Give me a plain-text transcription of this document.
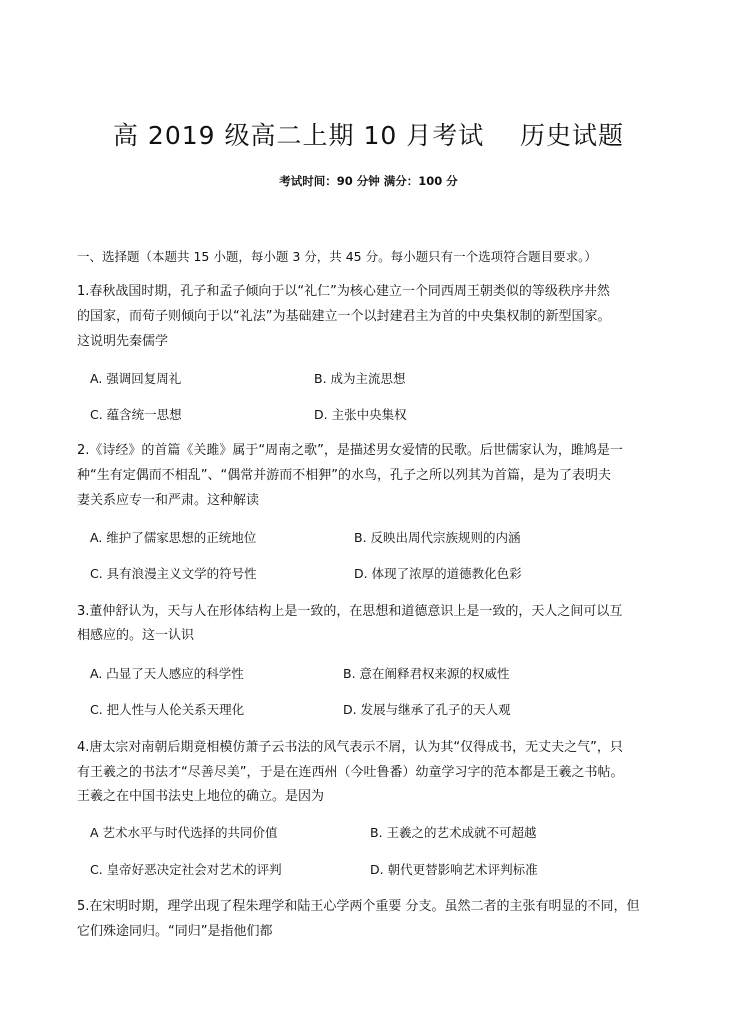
高 2019 级高二上期 10 月考试    历史试题
考试时间：90 分钟 满分：100 分
一、选择题（本题共 15 小题，每小题 3 分，共 45 分。每小题只有一个选项符合题目要求。）
1.春秋战国时期，孔子和孟子倾向于以“礼仁”为核心建立一个同西周王朝类似的等级秩序井然
的国家，而荀子则倾向于以“礼法”为基础建立一个以封建君主为首的中央集权制的新型国家。
这说明先秦儒学
A. 强调回复周礼	B. 成为主流思想
C. 蕴含统一思想	D. 主张中央集权
2.《诗经》的首篇《关雎》属于“周南之歌”，是描述男女爱情的民歌。后世儒家认为，雎鸠是一
种“生有定偶而不相乱”、“偶常并游而不相狎”的水鸟，孔子之所以列其为首篇，是为了表明夫
妻关系应专一和严肃。这种解读
A. 维护了儒家思想的正统地位	B. 反映出周代宗族规则的内涵
C. 具有浪漫主义文学的符号性	D. 体现了浓厚的道德教化色彩
3.董仲舒认为，天与人在形体结构上是一致的，在思想和道德意识上是一致的，天人之间可以互
相感应的。这一认识
A. 凸显了天人感应的科学性	B. 意在阐释君权来源的权威性
C. 把人性与人伦关系天理化	D. 发展与继承了孔子的天人观
4.唐太宗对南朝后期竟相模仿萧子云书法的风气表示不屑，认为其“仅得成书，无丈夫之气”，只
有王羲之的书法才“尽善尽美”，于是在连西州（今吐鲁番）幼童学习字的范本都是王羲之书帖。
王羲之在中国书法史上地位的确立。是因为
A 艺术水平与时代选择的共同价值	B. 王羲之的艺术成就不可超越
C. 皇帝好恶决定社会对艺术的评判	D. 朝代更替影响艺术评判标准
5.在宋明时期，理学出现了程朱理学和陆王心学两个重要 分支。虽然二者的主张有明显的不同，但
它们殊途同归。“同归”是指他们都
